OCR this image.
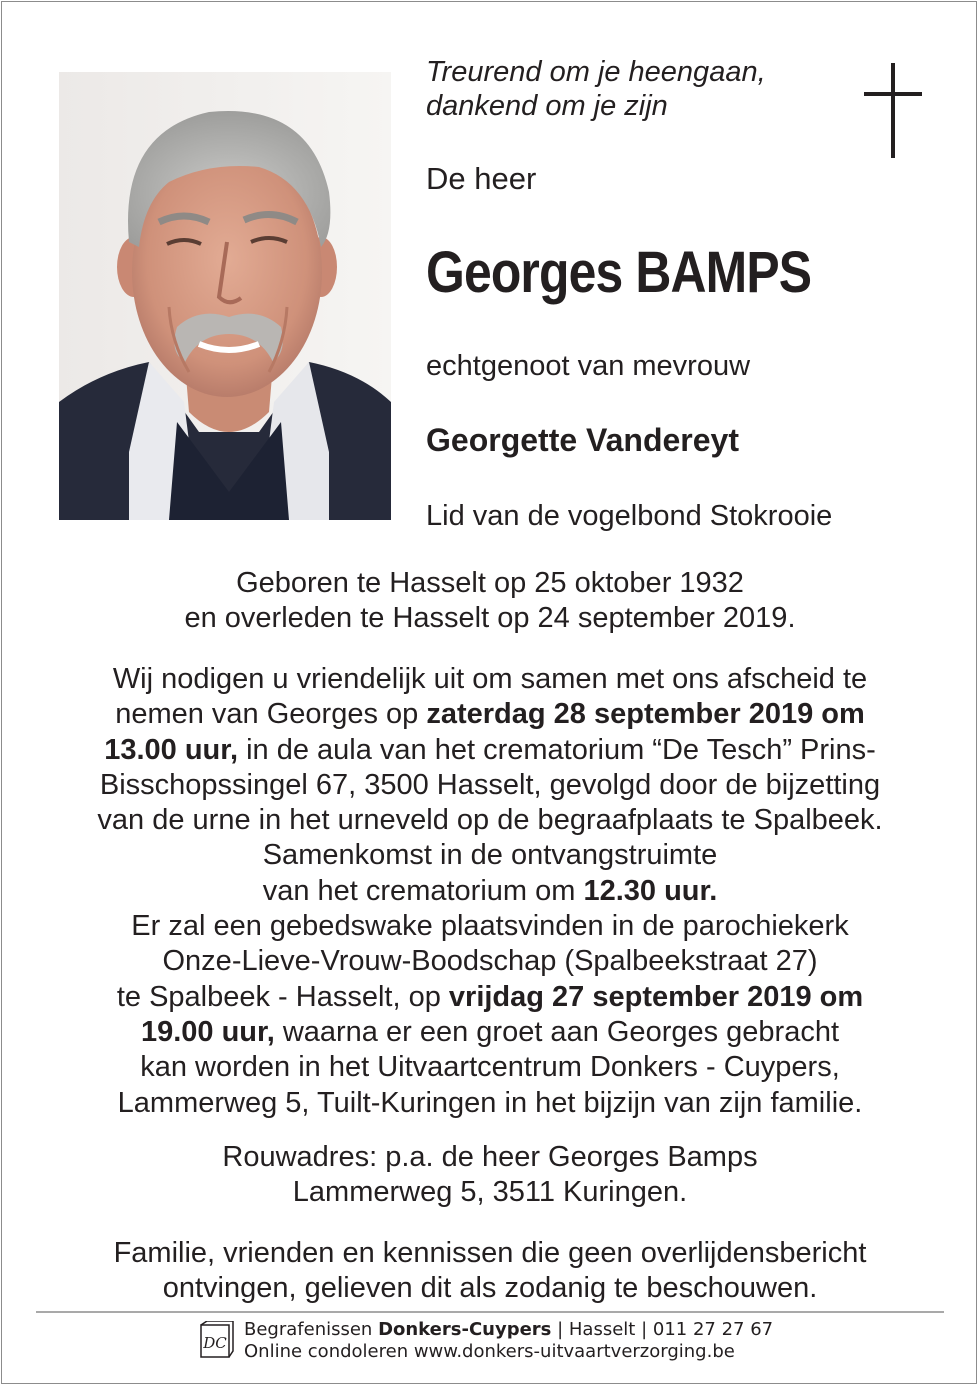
Treurend om je heengaan,
dankend om je zijn
De heer
Georges BAMPS
echtgenoot van mevrouw
Georgette Vandereyt
Lid van de vogelbond Stokrooie
Geboren te Hasselt op 25 oktober 1932
en overleden te Hasselt op 24 september 2019.
Wij nodigen u vriendelijk uit om samen met ons afscheid te
nemen van Georges op zaterdag 28 september 2019 om
13.00 uur, in de aula van het crematorium “De Tesch” Prins-
Bisschopssingel 67, 3500 Hasselt, gevolgd door de bijzetting
van de urne in het urneveld op de begraafplaats te Spalbeek.
Samenkomst in de ontvangstruimte
van het crematorium om 12.30 uur.
Er zal een gebedswake plaatsvinden in de parochiekerk
Onze-Lieve-Vrouw-Boodschap (Spalbeekstraat 27)
te Spalbeek - Hasselt, op vrijdag 27 september 2019 om
19.00 uur, waarna er een groet aan Georges gebracht
kan worden in het Uitvaartcentrum Donkers - Cuypers,
Lammerweg 5, Tuilt-Kuringen in het bijzijn van zijn familie.
Rouwadres: p.a. de heer Georges Bamps
Lammerweg 5, 3511 Kuringen.
Familie, vrienden en kennissen die geen overlijdensbericht
ontvingen, gelieven dit als zodanig te beschouwen.
DC
Begrafenissen Donkers-Cuypers | Hasselt | 011 27 27 67
Online condoleren www.donkers-uitvaartverzorging.be
